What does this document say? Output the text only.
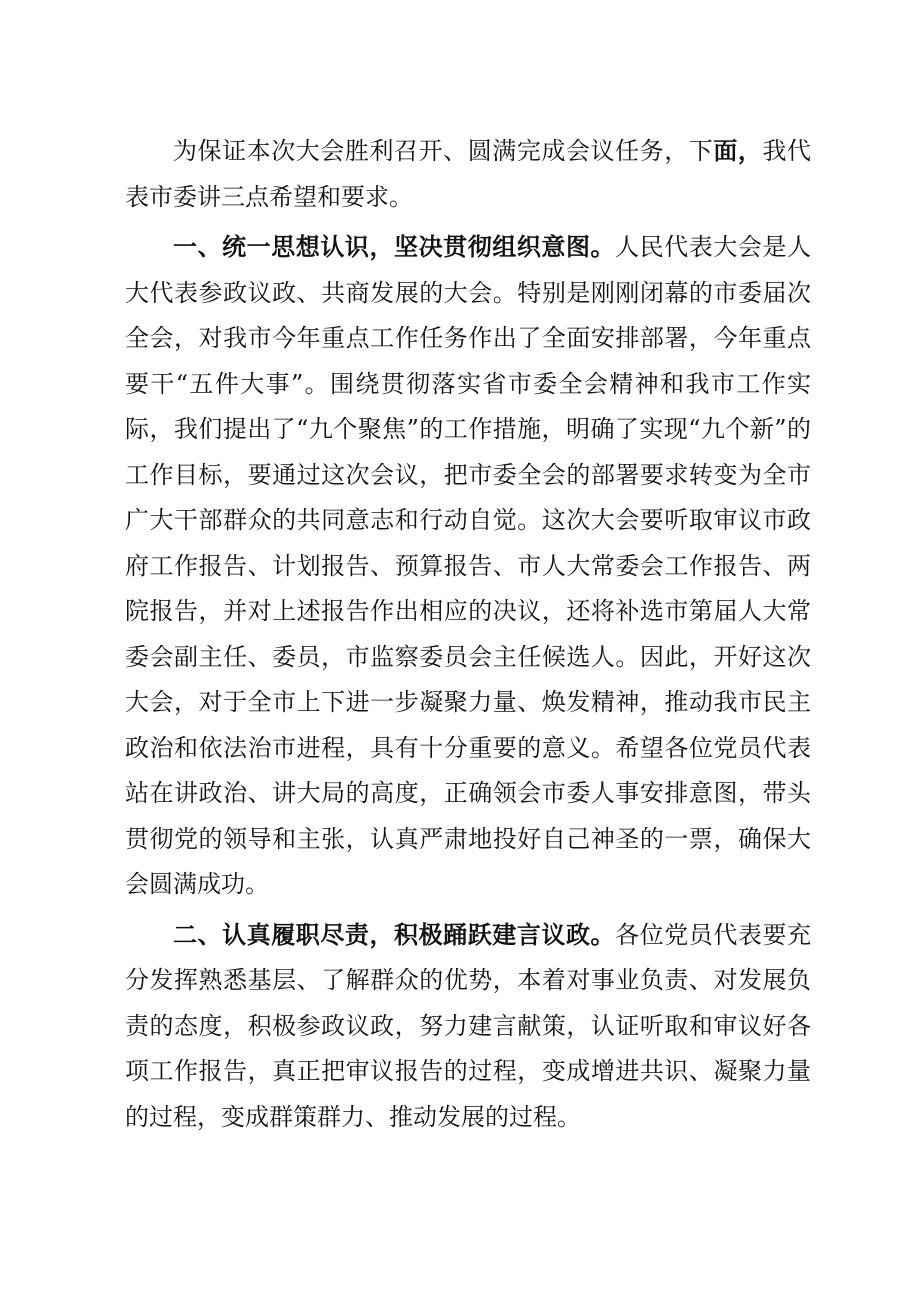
为保证本次大会胜利召开、圆满完成会议任务，下面，我代表市委讲三点希望和要求。

一、统一思想认识，坚决贯彻组织意图。人民代表大会是人大代表参政议政、共商发展的大会。特别是刚刚闭幕的市委届次全会，对我市今年重点工作任务作出了全面安排部署，今年重点要干“五件大事”。围绕贯彻落实省市委全会精神和我市工作实际，我们提出了“九个聚焦”的工作措施，明确了实现“九个新”的工作目标，要通过这次会议，把市委全会的部署要求转变为全市广大干部群众的共同意志和行动自觉。这次大会要听取审议市政府工作报告、计划报告、预算报告、市人大常委会工作报告、两院报告，并对上述报告作出相应的决议，还将补选市第届人大常委会副主任、委员，市监察委员会主任候选人。因此，开好这次大会，对于全市上下进一步凝聚力量、焕发精神，推动我市民主政治和依法治市进程，具有十分重要的意义。希望各位党员代表站在讲政治、讲大局的高度，正确领会市委人事安排意图，带头贯彻党的领导和主张，认真严肃地投好自己神圣的一票，确保大会圆满成功。

二、认真履职尽责，积极踊跃建言议政。各位党员代表要充分发挥熟悉基层、了解群众的优势，本着对事业负责、对发展负责的态度，积极参政议政，努力建言献策，认证听取和审议好各项工作报告，真正把审议报告的过程，变成增进共识、凝聚力量的过程，变成群策群力、推动发展的过程。
